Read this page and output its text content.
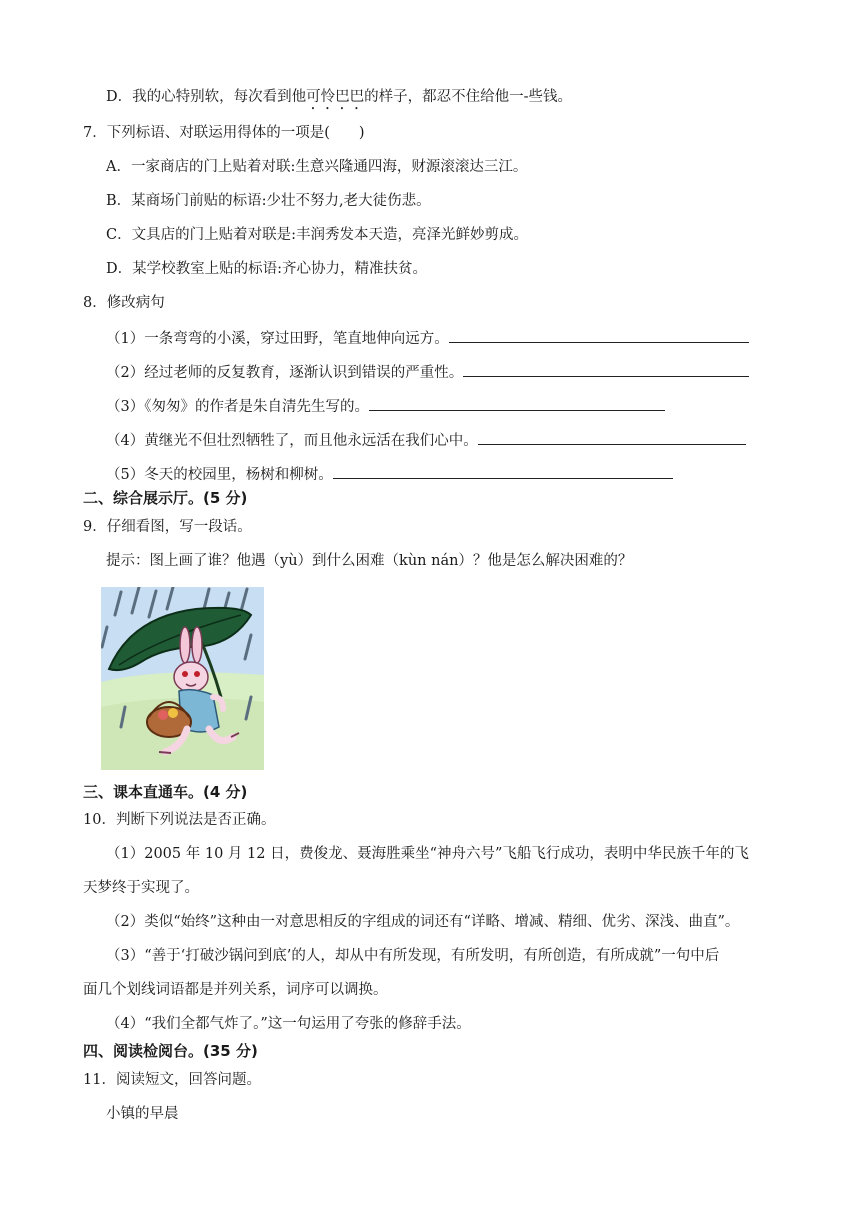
D．我的心特别软，每次看到他可怜巴巴的样子，都忍不住给他一-些钱。
7．下列标语、对联运用得体的一项是(　　)
A．一家商店的门上贴着对联:生意兴隆通四海，财源滚滚达三江。
B．某商场门前贴的标语:少壮不努力,老大徒伤悲。
C．文具店的门上贴着对联是:丰润秀发本天造，亮泽光鲜妙剪成。
D．某学校教室上贴的标语:齐心协力，精准扶贫。
8．修改病句
（1）一条弯弯的小溪，穿过田野，笔直地伸向远方。
（2）经过老师的反复教育，逐渐认识到错误的严重性。
（3）《匆匆》的作者是朱自清先生写的。
（4）黄继光不但壮烈牺牲了，而且他永远活在我们心中。
（5）冬天的校园里，杨树和柳树。
二、综合展示厅。(5 分)
9．仔细看图，写一段话。
提示：图上画了谁？他遇（yù）到什么困难（kùn nán）？他是怎么解决困难的？
三、课本直通车。(4 分)
10．判断下列说法是否正确。
（1）2005 年 10 月 12 日，费俊龙、聂海胜乘坐“神舟六号”飞船飞行成功，表明中华民族千年的飞
天梦终于实现了。
（2）类似“始终”这种由一对意思相反的字组成的词还有“详略、增减、精细、优劣、深浅、曲直”。
（3）“善于‘打破沙锅问到底’的人，却从中有所发现，有所发明，有所创造，有所成就”一句中后
面几个划线词语都是并列关系，词序可以调换。
（4）“我们全都气炸了。”这一句运用了夸张的修辞手法。
四、阅读检阅台。(35 分)
11．阅读短文，回答问题。
小镇的早晨
